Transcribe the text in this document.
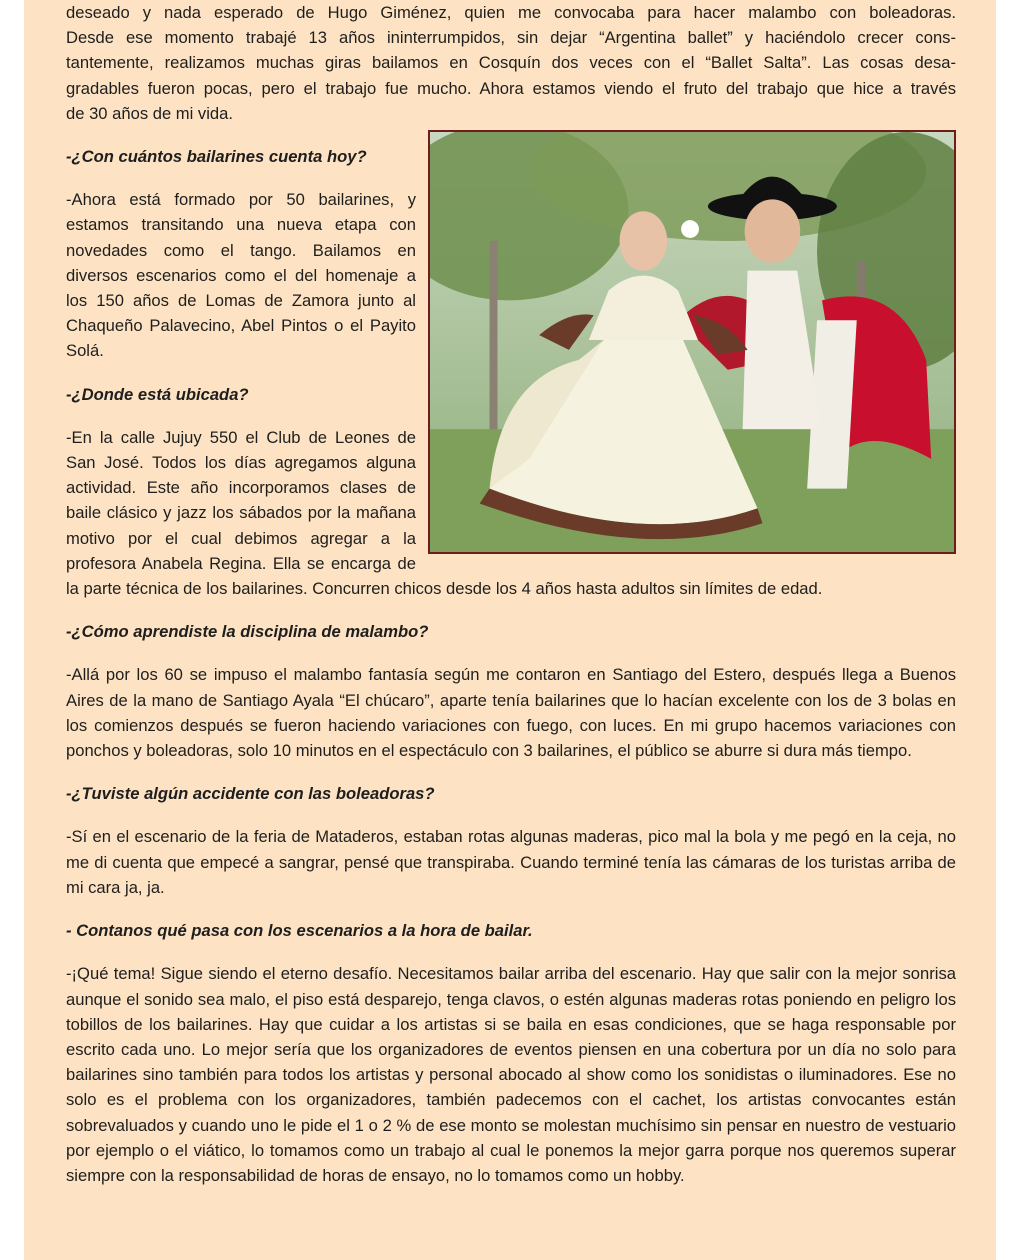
deseado y nada esperado de Hugo Giménez, quien me convocaba para hacer malambo con boleadoras.

Desde ese momento trabajé 13 años ininterrumpidos, sin dejar “Argentina ballet” y haciéndolo crecer cons-

tantemente, realizamos muchas giras bailamos en Cosquín dos veces con el “Ballet Salta”. Las cosas desa-

gradables fueron pocas, pero el trabajo fue mucho. Ahora estamos viendo el fruto del trabajo que hice a través

de 30 años de mi vida.

-¿Con cuántos bailarines cuenta hoy?

-Ahora está formado por 50 bailarines, y estamos transitando una nueva etapa con novedades como el tango. Bailamos en diversos escenarios como el del homenaje a los 150 años de Lomas de Zamora junto al Chaqueño Palavecino, Abel Pintos o el Payito Solá.

-¿Donde está ubicada?

-En la calle Jujuy 550 el Club de Leones de San José. Todos los días agregamos alguna actividad. Este año incorporamos clases de baile clásico y jazz los sábados por la mañana motivo por el cual debimos agregar a la profesora Anabela Regina. Ella se encarga de la parte técnica de los bailarines. Concurren chicos desde los 4 años hasta adultos sin límites de edad.

-¿Cómo aprendiste la disciplina de malambo?

-Allá por los 60 se impuso el malambo fantasía según me contaron en Santiago del Estero, después llega a Buenos Aires de la mano de Santiago Ayala “El chúcaro”, aparte tenía bailarines que lo hacían excelente con los de 3 bolas en los comienzos después se fueron haciendo variaciones con fuego, con luces. En mi grupo hacemos variaciones con ponchos y boleadoras, solo 10 minutos en el espectáculo con 3 bailarines, el público se aburre si dura más tiempo.

-¿Tuviste algún accidente con las boleadoras?

-Sí en el escenario de la feria de Mataderos, estaban rotas algunas maderas, pico mal la bola y me pegó en la ceja, no me di cuenta que empecé a sangrar, pensé que transpiraba. Cuando terminé tenía las cámaras de los turistas arriba de mi cara ja, ja.

- Contanos qué pasa con los escenarios a la hora de bailar.

-¡Qué tema! Sigue siendo el eterno desafío. Necesitamos bailar arriba del escenario. Hay que salir con la mejor sonrisa aunque el sonido sea malo, el piso está desparejo, tenga clavos, o estén algunas maderas rotas poniendo en peligro los tobillos de los bailarines. Hay que cuidar a los artistas si se baila en esas condiciones, que se haga responsable por escrito cada uno. Lo mejor sería que los organizadores de eventos piensen en una cobertura por un día no solo para bailarines sino también para todos los artistas y personal abocado al show como los sonidistas o iluminadores. Ese no solo es el problema con los organizadores, también padecemos con el cachet, los artistas convocantes están sobrevaluados y cuando uno le pide el 1 o 2 % de ese monto se molestan muchísimo sin pensar en nuestro de vestuario por ejemplo o el viático, lo tomamos como un trabajo al cual le ponemos la mejor garra porque nos queremos superar siempre con la responsabilidad de horas de ensayo, no lo tomamos como un hobby.
